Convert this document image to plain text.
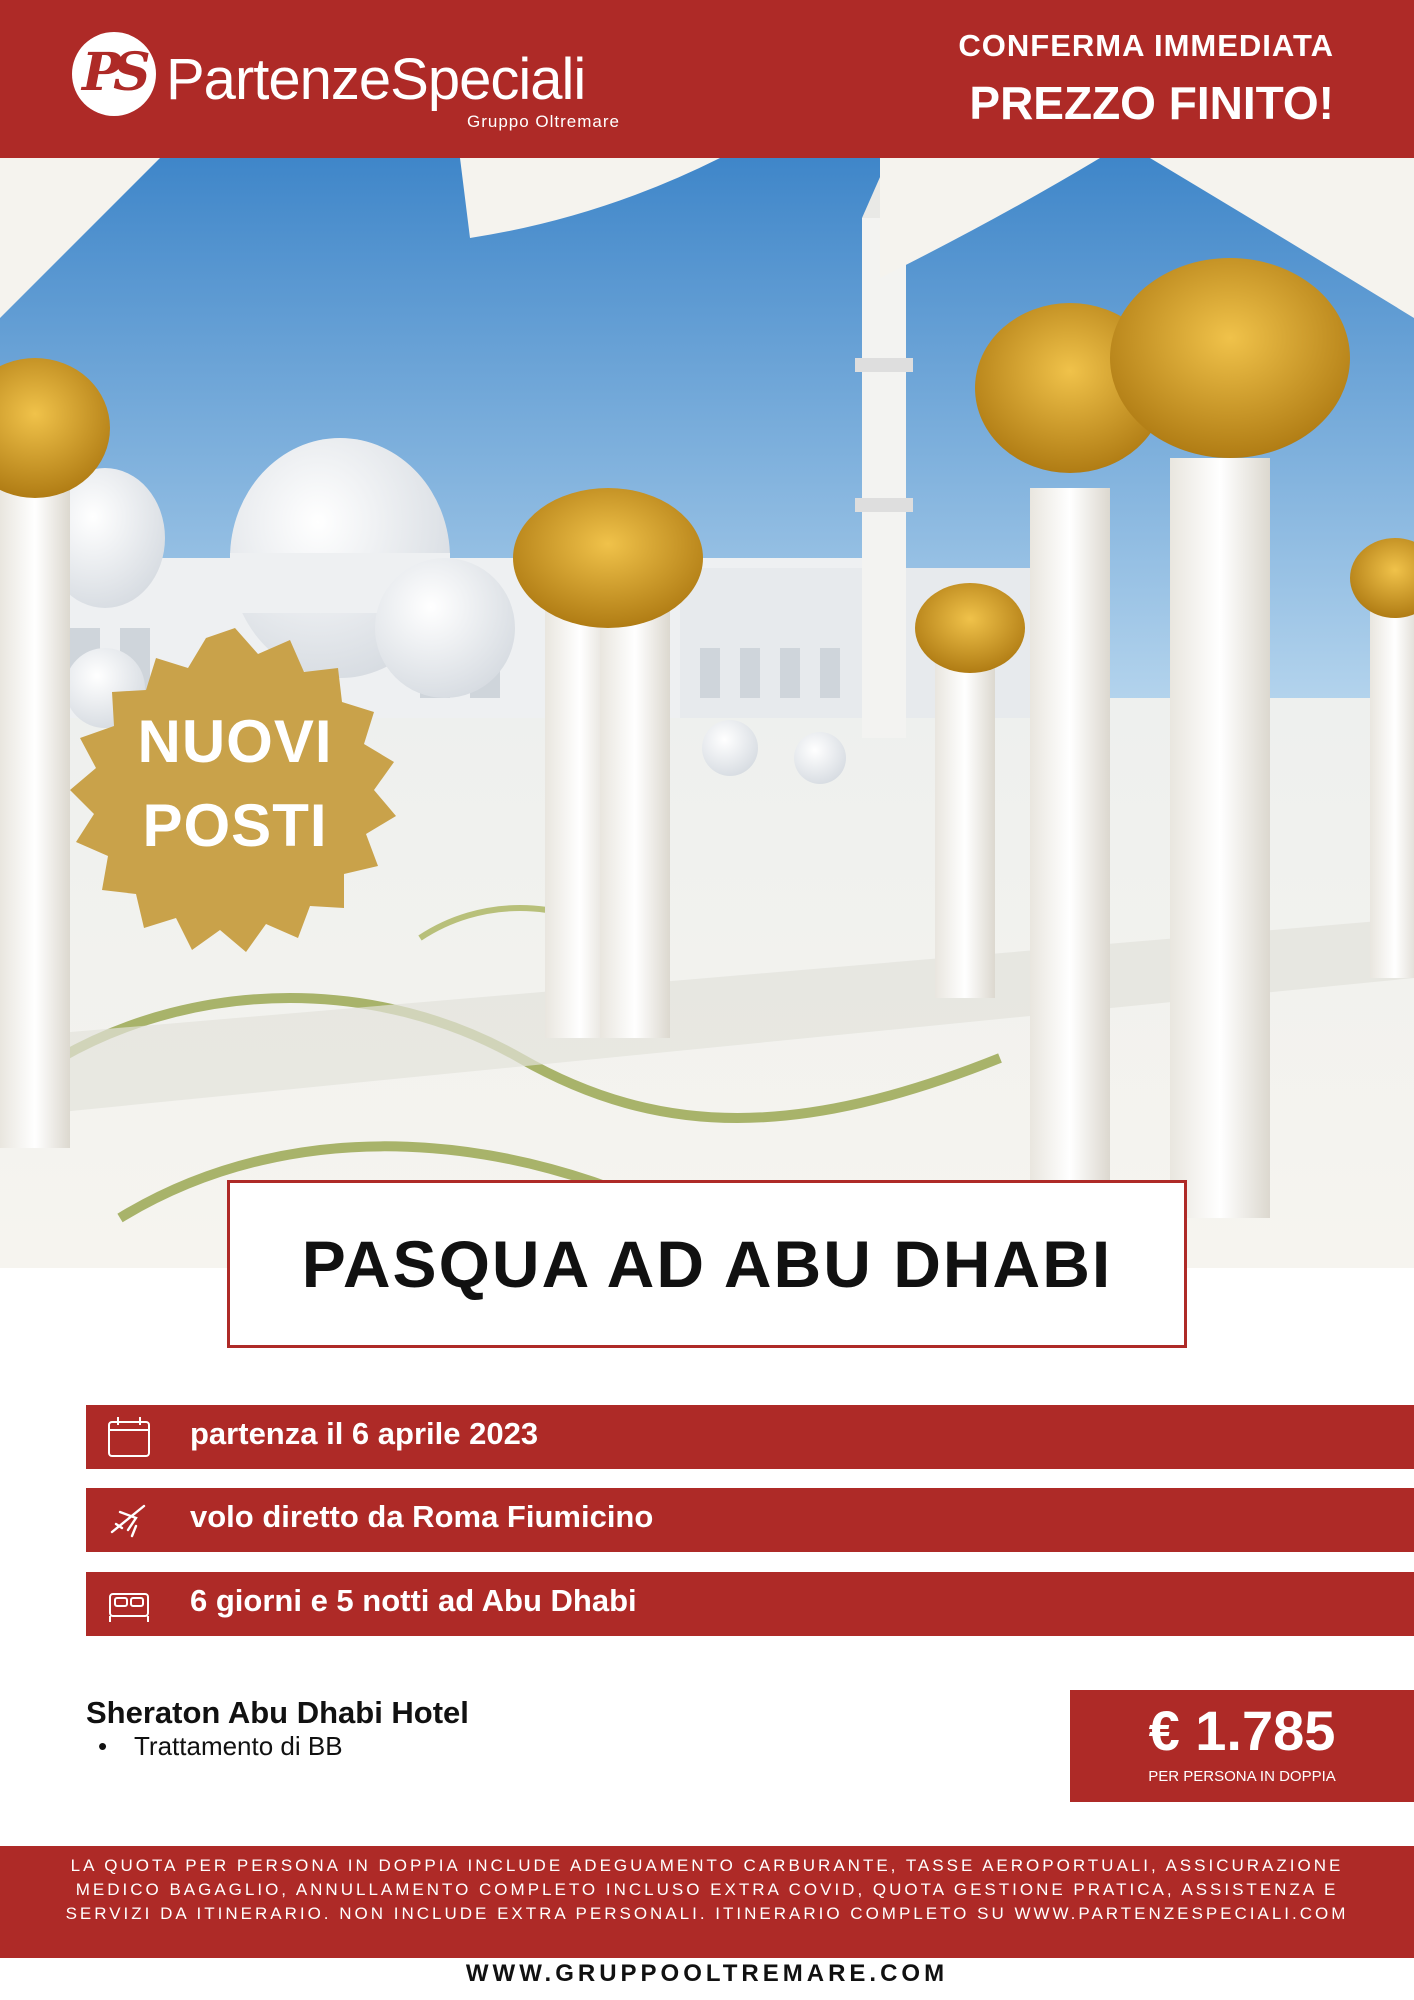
PS PartenzeSpeciali
Gruppo Oltremare
CONFERMA IMMEDIATA
PREZZO FINITO!
NUOVI POSTI
PASQUA AD ABU DHABI
partenza il 6 aprile 2023
volo diretto da Roma Fiumicino
6 giorni e 5 notti ad Abu Dhabi
Sheraton Abu Dhabi Hotel
• Trattamento di BB	€ 1.785
PER PERSONA IN DOPPIA
LA QUOTA PER PERSONA IN DOPPIA INCLUDE ADEGUAMENTO CARBURANTE, TASSE AEROPORTUALI, ASSICURAZIONE MEDICO BAGAGLIO, ANNULLAMENTO COMPLETO INCLUSO EXTRA COVID, QUOTA GESTIONE PRATICA, ASSISTENZA E SERVIZI DA ITINERARIO. NON INCLUDE EXTRA PERSONALI. ITINERARIO COMPLETO SU WWW.PARTENZESPECIALI.COM
WWW.GRUPPOOLTREMARE.COM
